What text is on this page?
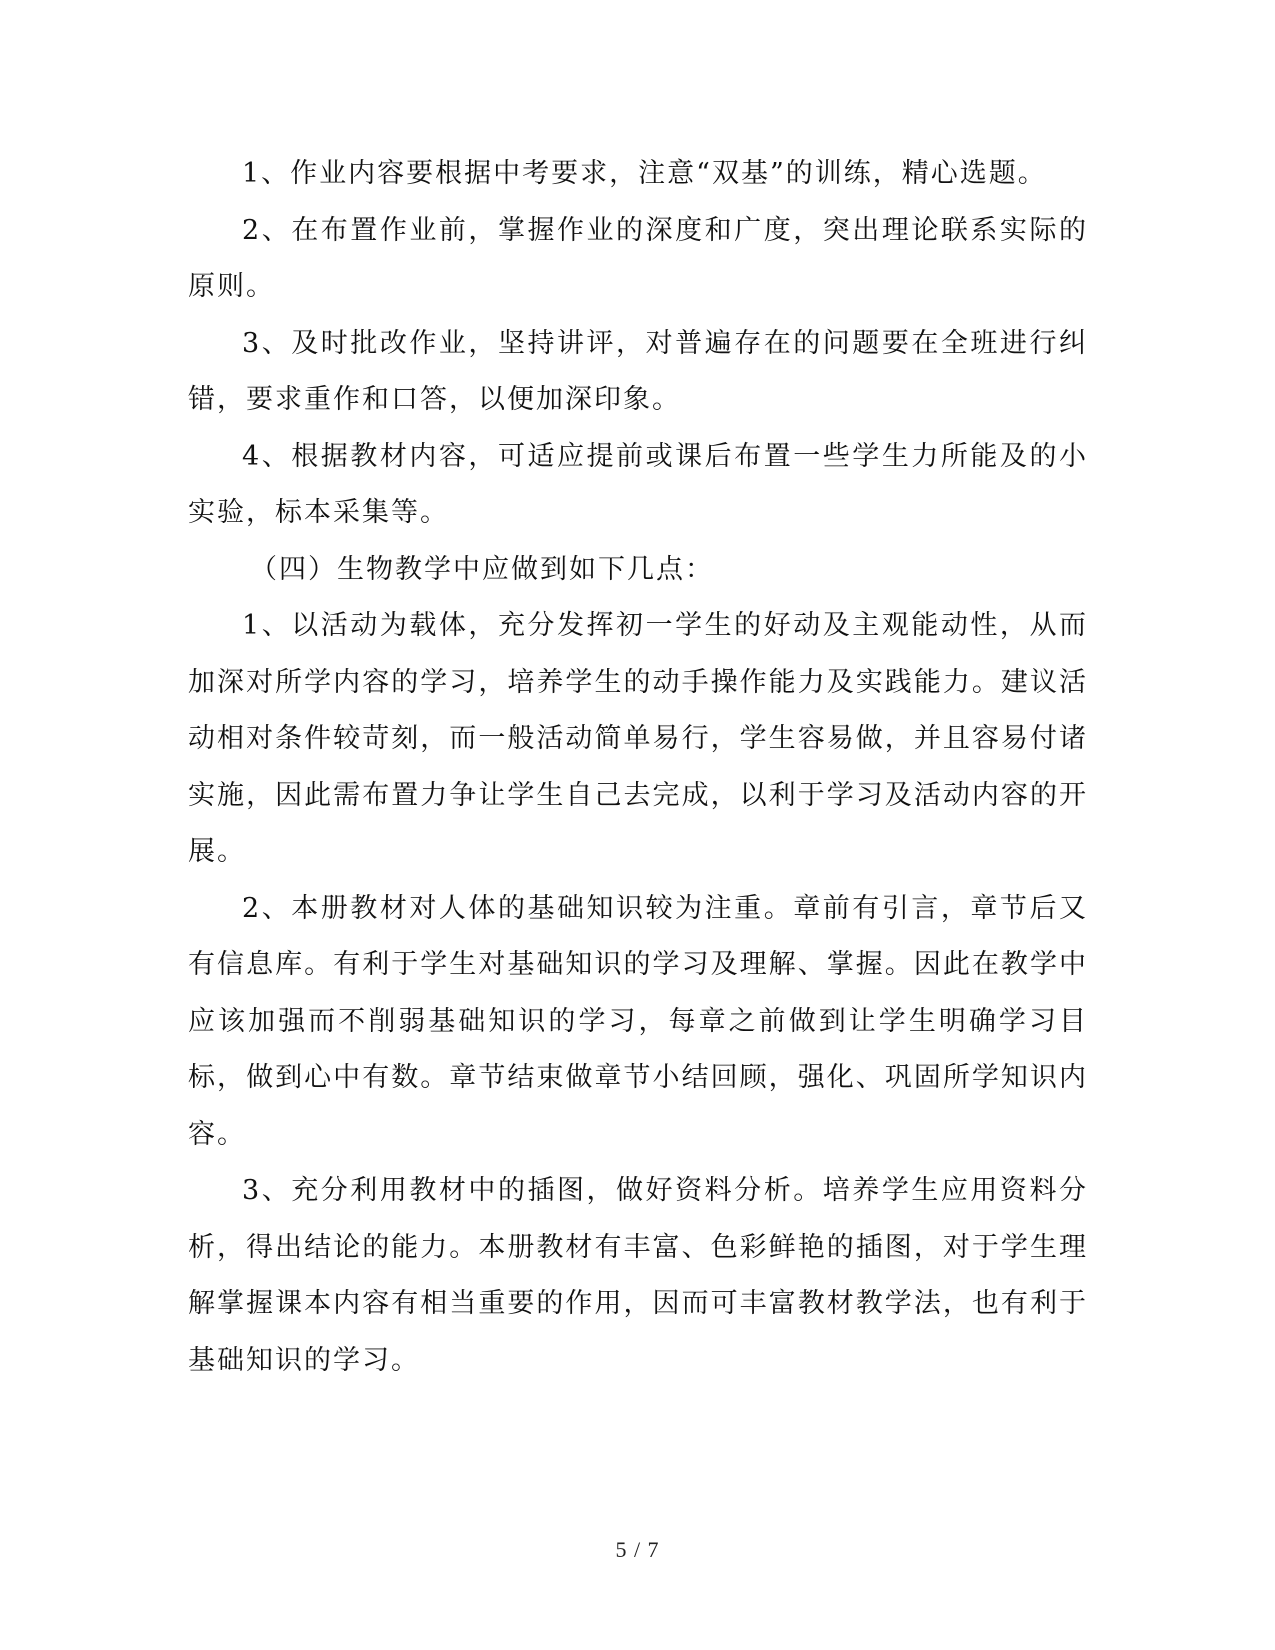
1、作业内容要根据中考要求，注意“双基”的训练，精心选题。

2、在布置作业前，掌握作业的深度和广度，突出理论联系实际的原则。

3、及时批改作业，坚持讲评，对普遍存在的问题要在全班进行纠错，要求重作和口答，以便加深印象。

4、根据教材内容，可适应提前或课后布置一些学生力所能及的小实验，标本采集等。

（四）生物教学中应做到如下几点：

1、以活动为载体，充分发挥初一学生的好动及主观能动性，从而加深对所学内容的学习，培养学生的动手操作能力及实践能力。建议活动相对条件较苛刻，而一般活动简单易行，学生容易做，并且容易付诸实施，因此需布置力争让学生自己去完成，以利于学习及活动内容的开展。

2、本册教材对人体的基础知识较为注重。章前有引言，章节后又有信息库。有利于学生对基础知识的学习及理解、掌握。因此在教学中应该加强而不削弱基础知识的学习，每章之前做到让学生明确学习目标，做到心中有数。章节结束做章节小结回顾，强化、巩固所学知识内容。

3、充分利用教材中的插图，做好资料分析。培养学生应用资料分析，得出结论的能力。本册教材有丰富、色彩鲜艳的插图，对于学生理解掌握课本内容有相当重要的作用，因而可丰富教材教学法，也有利于基础知识的学习。

5 / 7
